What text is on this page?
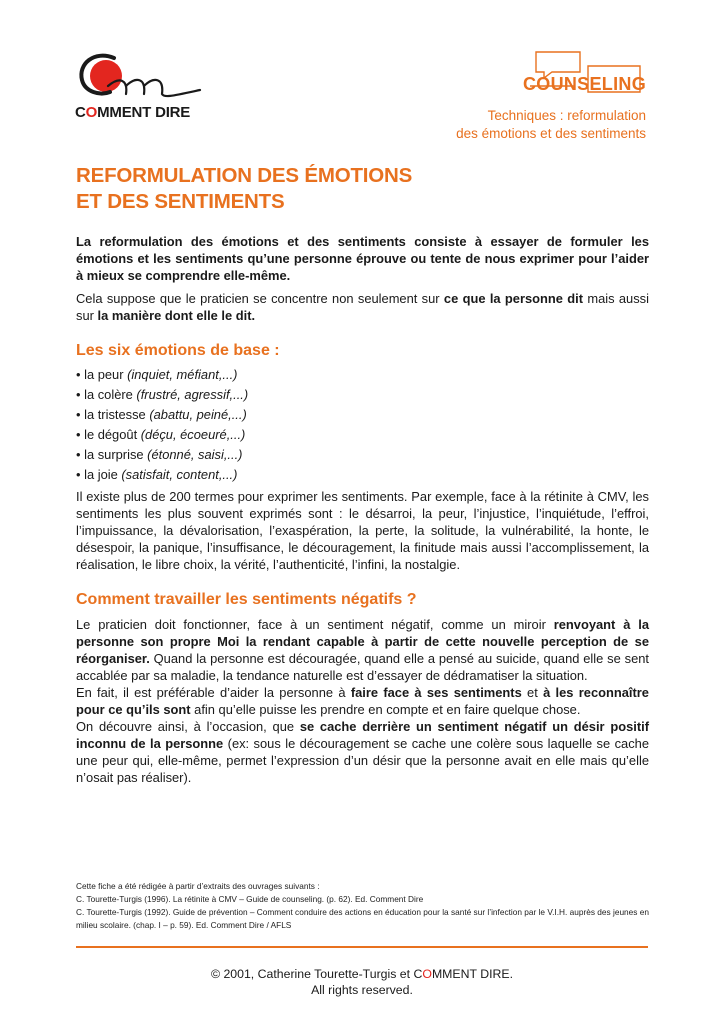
COMMENT DIRE
COUNSELING
Techniques : reformulation
des émotions et des sentiments
REFORMULATION DES ÉMOTIONS
ET DES SENTIMENTS

La reformulation des émotions et des sentiments consiste à essayer de formuler les émotions et les sentiments qu’une personne éprouve ou tente de nous exprimer pour l’aider à mieux se comprendre elle-même.

Cela suppose que le praticien se concentre non seulement sur ce que la personne dit mais aussi sur la manière dont elle le dit.

Les six émotions de base :
• la peur (inquiet, méfiant,...)
• la colère (frustré, agressif,...)
• la tristesse (abattu, peiné,...)
• le dégoût (déçu, écoeuré,...)
• la surprise (étonné, saisi,...)
• la joie (satisfait, content,...)

Il existe plus de 200 termes pour exprimer les sentiments. Par exemple, face à la rétinite à CMV, les sentiments les plus souvent exprimés sont : le désarroi, la peur, l’injustice, l’inquiétude, l’effroi, l’impuissance, la dévalorisation, l’exaspération, la perte, la solitude, la vulnérabilité, la honte, le désespoir, la panique, l’insuffisance, le découragement, la finitude mais aussi l’accomplissement, la réalisation, le libre choix, la vérité, l’authenticité, l’infini, la nostalgie.

Comment travailler les sentiments négatifs ?

Le praticien doit fonctionner, face à un sentiment négatif, comme un miroir renvoyant à la personne son propre Moi la rendant capable à partir de cette nouvelle perception de se réorganiser. Quand la personne est découragée, quand elle a pensé au suicide, quand elle se sent accablée par sa maladie, la tendance naturelle est d’essayer de dédramatiser la situation.

En fait, il est préférable d’aider la personne à faire face à ses sentiments et à les reconnaître pour ce qu’ils sont afin qu’elle puisse les prendre en compte et en faire quelque chose.

On découvre ainsi, à l’occasion, que se cache derrière un sentiment négatif un désir positif inconnu de la personne (ex: sous le découragement se cache une colère sous laquelle se cache une peur qui, elle-même, permet l’expression d’un désir que la personne avait en elle mais qu’elle n’osait pas réaliser).

Cette fiche a été rédigée à partir d’extraits des ouvrages suivants :

C. Tourette-Turgis (1996). La rétinite à CMV – Guide de counseling. (p. 62). Ed. Comment Dire

C. Tourette-Turgis (1992). Guide de prévention – Comment conduire des actions en éducation pour la santé sur l’infection par le V.I.H. auprès des jeunes en milieu scolaire. (chap. I – p. 59). Ed. Comment Dire / AFLS

© 2001, Catherine Tourette-Turgis et COMMENT DIRE.
All rights reserved.
